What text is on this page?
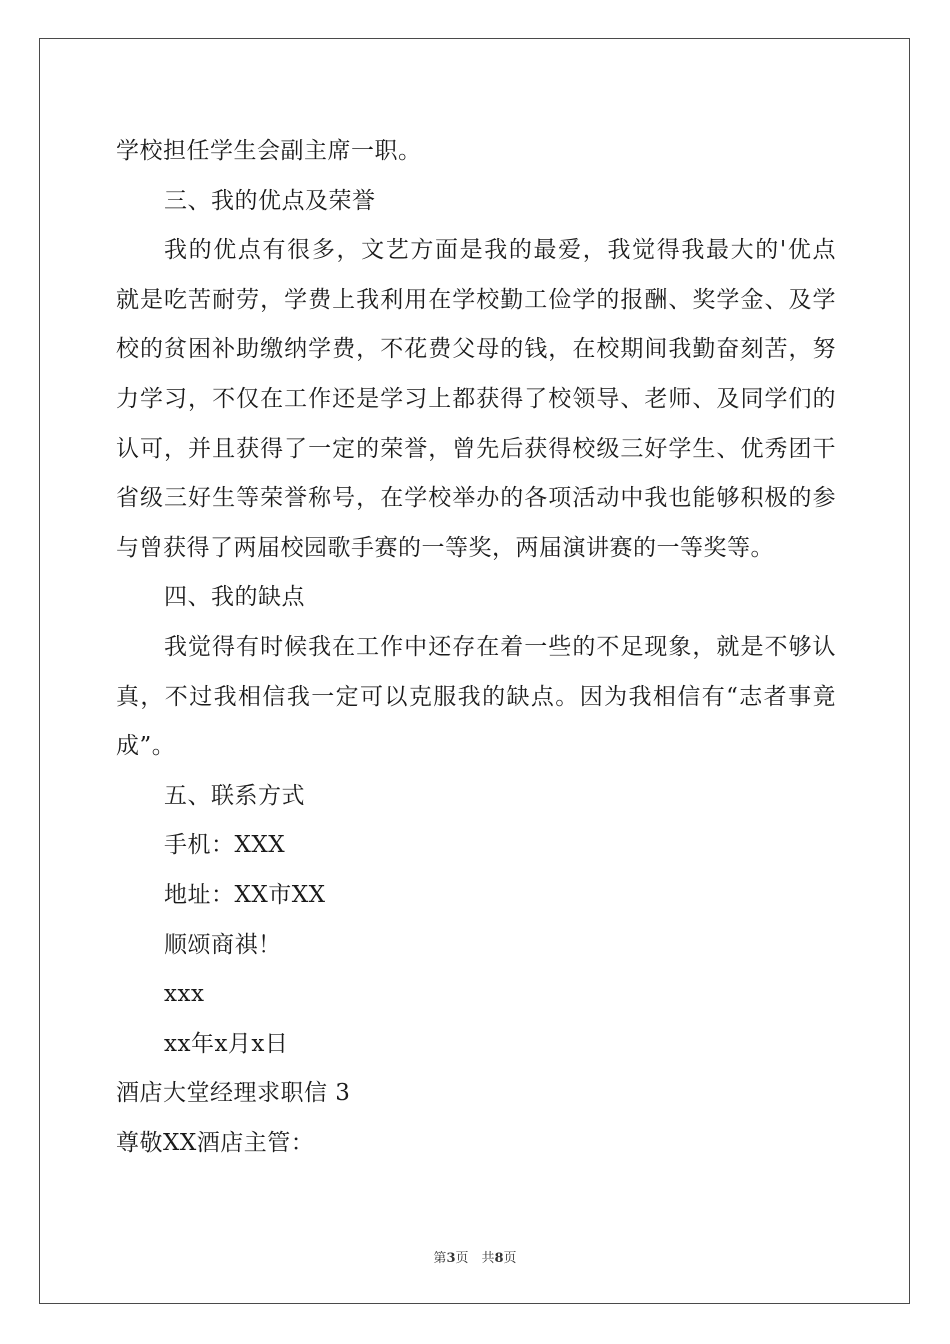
学校担任学生会副主席一职。
三、我的优点及荣誉
我的优点有很多，文艺方面是我的最爱，我觉得我最大的'优点
就是吃苦耐劳，学费上我利用在学校勤工俭学的报酬、奖学金、及学
校的贫困补助缴纳学费，不花费父母的钱，在校期间我勤奋刻苦，努
力学习，不仅在工作还是学习上都获得了校领导、老师、及同学们的
认可，并且获得了一定的荣誉，曾先后获得校级三好学生、优秀团干
省级三好生等荣誉称号，在学校举办的各项活动中我也能够积极的参
与曾获得了两届校园歌手赛的一等奖，两届演讲赛的一等奖等。
四、我的缺点
我觉得有时候我在工作中还存在着一些的不足现象，就是不够认
真，不过我相信我一定可以克服我的缺点。因为我相信有“志者事竟
成”。
五、联系方式
手机：XXX
地址：XX市XX
顺颂商祺！
xxx
xx年x月x日
酒店大堂经理求职信 3
尊敬XX酒店主管：
第3页　共8页
